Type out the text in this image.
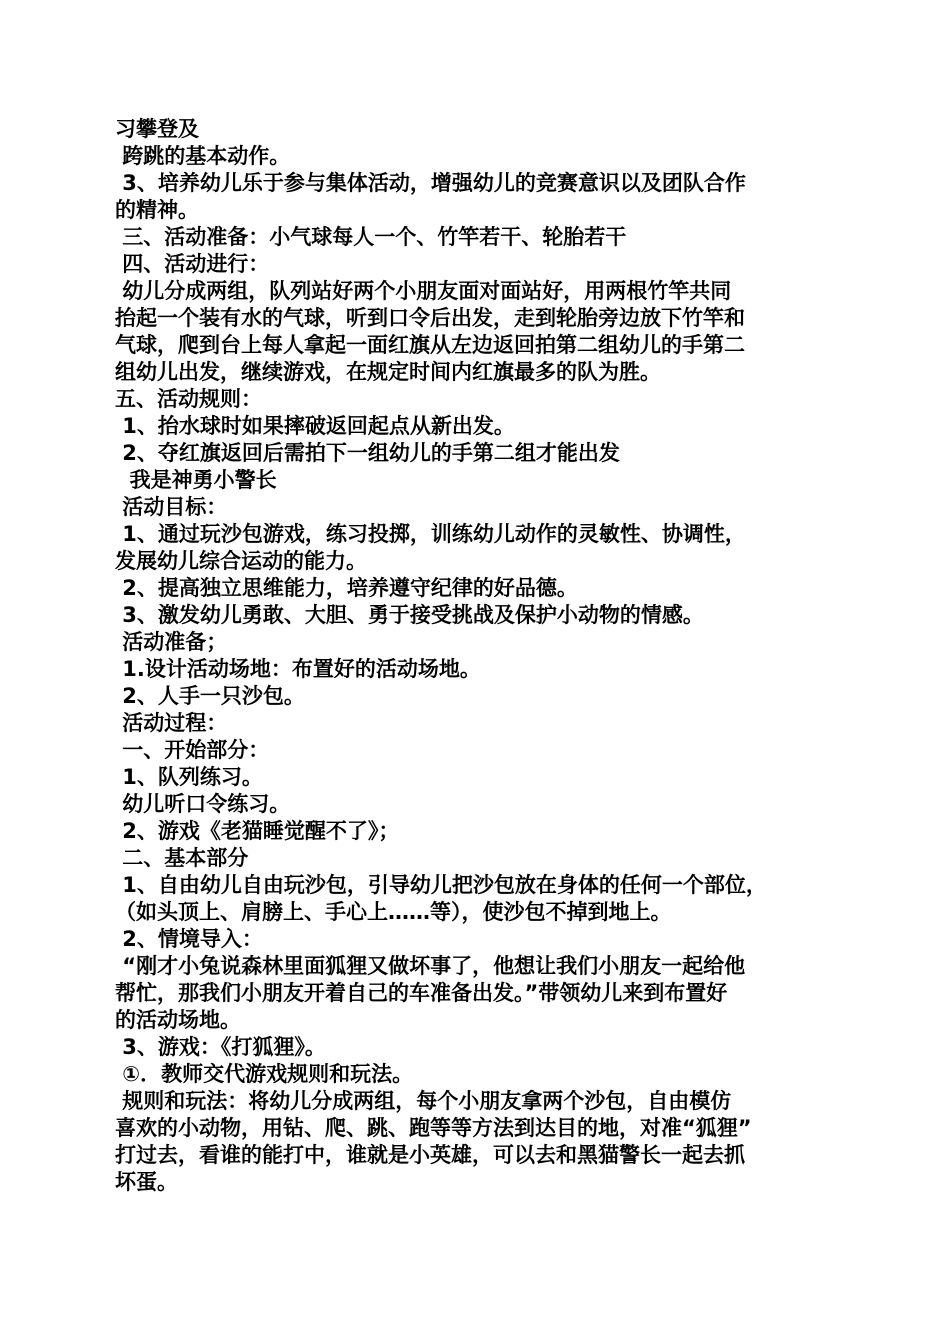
习攀登及
跨跳的基本动作。
3、培养幼儿乐于参与集体活动，增强幼儿的竞赛意识以及团队合作
的精神。
三、活动准备：小气球每人一个、竹竿若干、轮胎若干
四、活动进行：
幼儿分成两组，队列站好两个小朋友面对面站好，用两根竹竿共同
抬起一个装有水的气球，听到口令后出发，走到轮胎旁边放下竹竿和
气球，爬到台上每人拿起一面红旗从左边返回拍第二组幼儿的手第二
组幼儿出发，继续游戏，在规定时间内红旗最多的队为胜。
五、活动规则：
1、抬水球时如果摔破返回起点从新出发。
2、夺红旗返回后需拍下一组幼儿的手第二组才能出发
我是神勇小警长
活动目标：
1、通过玩沙包游戏，练习投掷，训练幼儿动作的灵敏性、协调性，
发展幼儿综合运动的能力。
2、提高独立思维能力，培养遵守纪律的好品德。
3、激发幼儿勇敢、大胆、勇于接受挑战及保护小动物的情感。
活动准备；
1.设计活动场地：布置好的活动场地。
2、人手一只沙包。
活动过程：
一、开始部分：
1、队列练习。
幼儿听口令练习。
2、游戏《老猫睡觉醒不了》；
二、基本部分
1、自由幼儿自由玩沙包，引导幼儿把沙包放在身体的任何一个部位，
（如头顶上、肩膀上、手心上……等），使沙包不掉到地上。
2、情境导入：
“刚才小兔说森林里面狐狸又做坏事了，他想让我们小朋友一起给他
帮忙，那我们小朋友开着自己的车准备出发。”带领幼儿来到布置好
的活动场地。
3、游戏：《打狐狸》。
①．教师交代游戏规则和玩法。
规则和玩法：将幼儿分成两组，每个小朋友拿两个沙包，自由模仿
喜欢的小动物，用钻、爬、跳、跑等等方法到达目的地，对准“狐狸”
打过去，看谁的能打中，谁就是小英雄，可以去和黑猫警长一起去抓
坏蛋。
